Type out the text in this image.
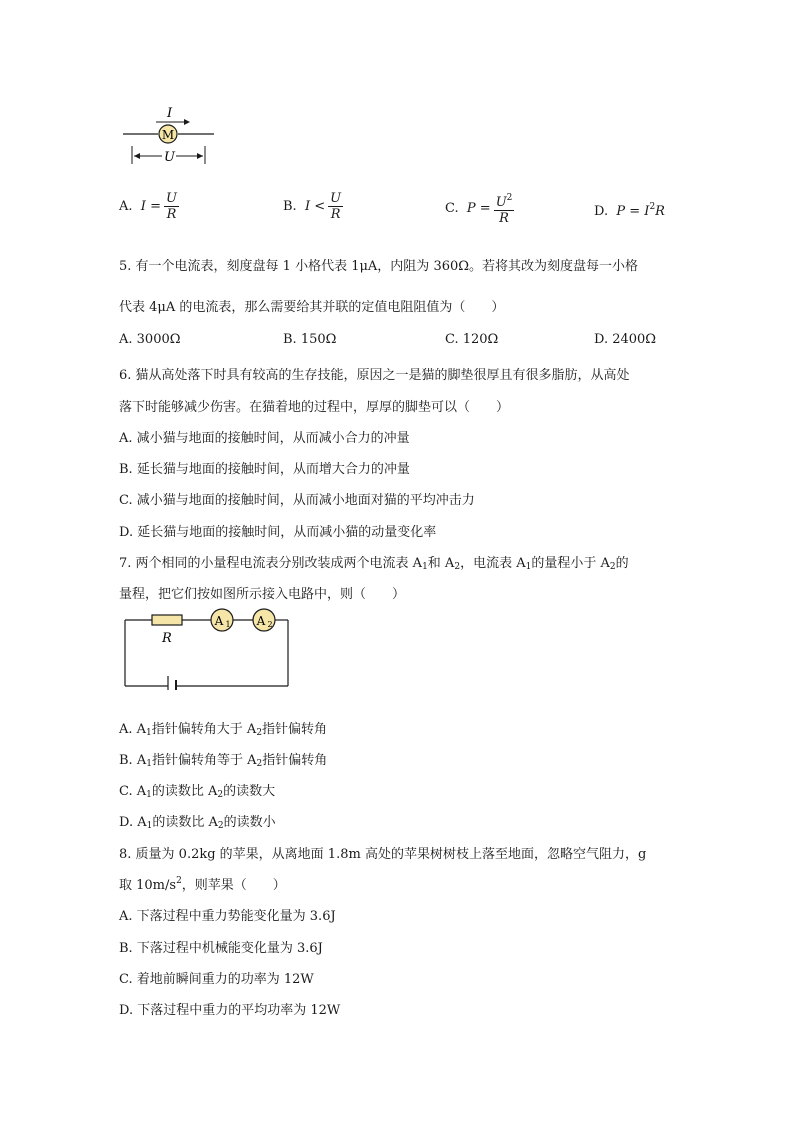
M
I
U
A. $I = \frac{U}{R}$	B. $I < \frac{U}{R}$	C. $P = \frac{U^2}{R}$	D. $P = I^2R$
5. 有一个电流表，刻度盘每 1 小格代表 1μA，内阻为 360Ω。若将其改为刻度盘每一小格
代表 4μA 的电流表，那么需要给其并联的定值电阻阻值为（　　）
A. 3000Ω	B. 150Ω	C. 120Ω	D. 2400Ω
6. 猫从高处落下时具有较高的生存技能，原因之一是猫的脚垫很厚且有很多脂肪，从高处
落下时能够减少伤害。在猫着地的过程中，厚厚的脚垫可以（　　）
A. 减小猫与地面的接触时间，从而减小合力的冲量
B. 延长猫与地面的接触时间，从而增大合力的冲量
C. 减小猫与地面的接触时间，从而减小地面对猫的平均冲击力
D. 延长猫与地面的接触时间，从而减小猫的动量变化率
7. 两个相同的小量程电流表分别改装成两个电流表 $A_1$和 $A_2$，电流表 $A_1$的量程小于 $A_2$的
量程，把它们按如图所示接入电路中，则（　　）
A 1 A 2
R
A. $A_1$指针偏转角大于 $A_2$指针偏转角
B. $A_1$指针偏转角等于 $A_2$指针偏转角
C. $A_1$的读数比 $A_2$的读数大
D. $A_1$的读数比 $A_2$的读数小
8. 质量为 0.2kg 的苹果，从离地面 1.8m 高处的苹果树树枝上落至地面，忽略空气阻力，g
取 $10m/s^2$，则苹果（　　）
A. 下落过程中重力势能变化量为 3.6J
B. 下落过程中机械能变化量为 3.6J
C. 着地前瞬间重力的功率为 12W
D. 下落过程中重力的平均功率为 12W
